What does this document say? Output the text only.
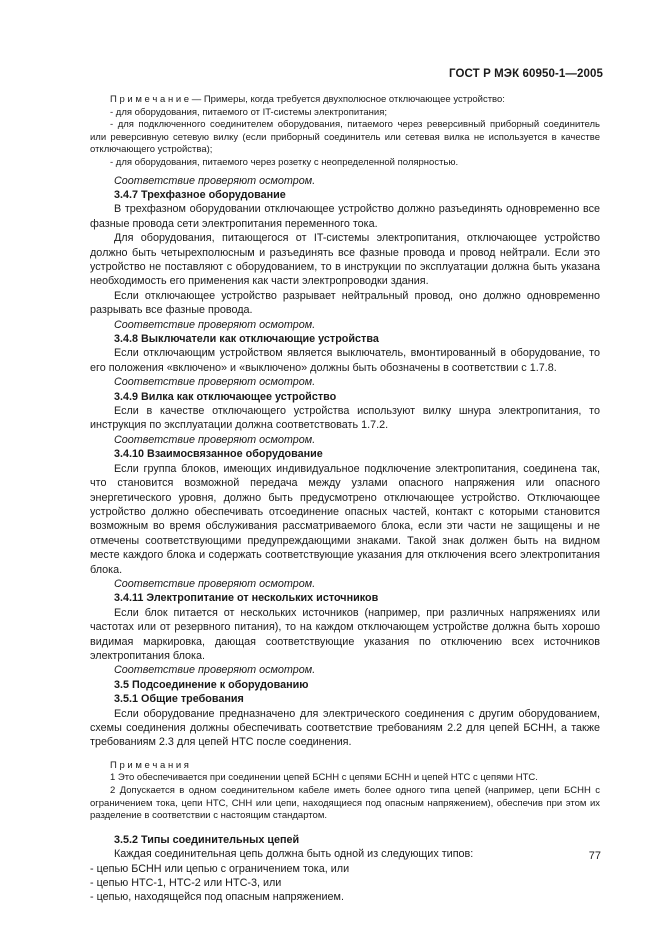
ГОСТ Р МЭК 60950-1—2005

П р и м е ч а н и е — Примеры, когда требуется двухполюсное отключающее устройство:

- для оборудования, питаемого от IT-системы электропитания;

- для подключенного соединителем оборудования, питаемого через реверсивный приборный соединитель или реверсивную сетевую вилку (если приборный соединитель или сетевая вилка не используется в качестве отключающего устройства);

- для оборудования, питаемого через розетку с неопределенной полярностью.

Соответствие проверяют осмотром.

3.4.7 Трехфазное оборудование

В трехфазном оборудовании отключающее устройство должно разъединять одновременно все фазные провода сети электропитания переменного тока.

Для оборудования, питающегося от IT-системы электропитания, отключающее устройство должно быть четырехполюсным и разъединять все фазные провода и провод нейтрали. Если это устройство не поставляют с оборудованием, то в инструкции по эксплуатации должна быть указана необходимость его применения как части электропроводки здания.

Если отключающее устройство разрывает нейтральный провод, оно должно одновременно разрывать все фазные провода.

Соответствие проверяют осмотром.

3.4.8 Выключатели как отключающие устройства

Если отключающим устройством является выключатель, вмонтированный в оборудование, то его положения «включено» и «выключено» должны быть обозначены в соответствии с 1.7.8.

Соответствие проверяют осмотром.

3.4.9 Вилка как отключающее устройство

Если в качестве отключающего устройства используют вилку шнура электропитания, то инструкция по эксплуатации должна соответствовать 1.7.2.

Соответствие проверяют осмотром.

3.4.10 Взаимосвязанное оборудование

Если группа блоков, имеющих индивидуальное подключение электропитания, соединена так, что становится возможной передача между узлами опасного напряжения или опасного энергетического уровня, должно быть предусмотрено отключающее устройство. Отключающее устройство должно обеспечивать отсоединение опасных частей, контакт с которыми становится возможным во время обслуживания рассматриваемого блока, если эти части не защищены и не отмечены соответствующими предупреждающими знаками. Такой знак должен быть на видном месте каждого блока и содержать соответствующие указания для отключения всего электропитания блока.

Соответствие проверяют осмотром.

3.4.11 Электропитание от нескольких источников

Если блок питается от нескольких источников (например, при различных напряжениях или частотах или от резервного питания), то на каждом отключающем устройстве должна быть хорошо видимая маркировка, дающая соответствующие указания по отключению всех источников электропитания блока.

Соответствие проверяют осмотром.

3.5 Подсоединение к оборудованию

3.5.1 Общие требования

Если оборудование предназначено для электрического соединения с другим оборудованием, схемы соединения должны обеспечивать соответствие требованиям 2.2 для цепей БСНН, а также требованиям 2.3 для цепей НТС после соединения.

П р и м е ч а н и я

1 Это обеспечивается при соединении цепей БСНН с цепями БСНН и цепей НТС с цепями НТС.

2 Допускается в одном соединительном кабеле иметь более одного типа цепей (например, цепи БСНН с ограничением тока, цепи НТС, СНН или цепи, находящиеся под опасным напряжением), обеспечив при этом их разделение в соответствии с настоящим стандартом.

3.5.2 Типы соединительных цепей

Каждая соединительная цепь должна быть одной из следующих типов:

- цепью БСНН или цепью с ограничением тока, или

- цепью НТС-1, НТС-2 или НТС-3, или

- цепью, находящейся под опасным напряжением.

77
